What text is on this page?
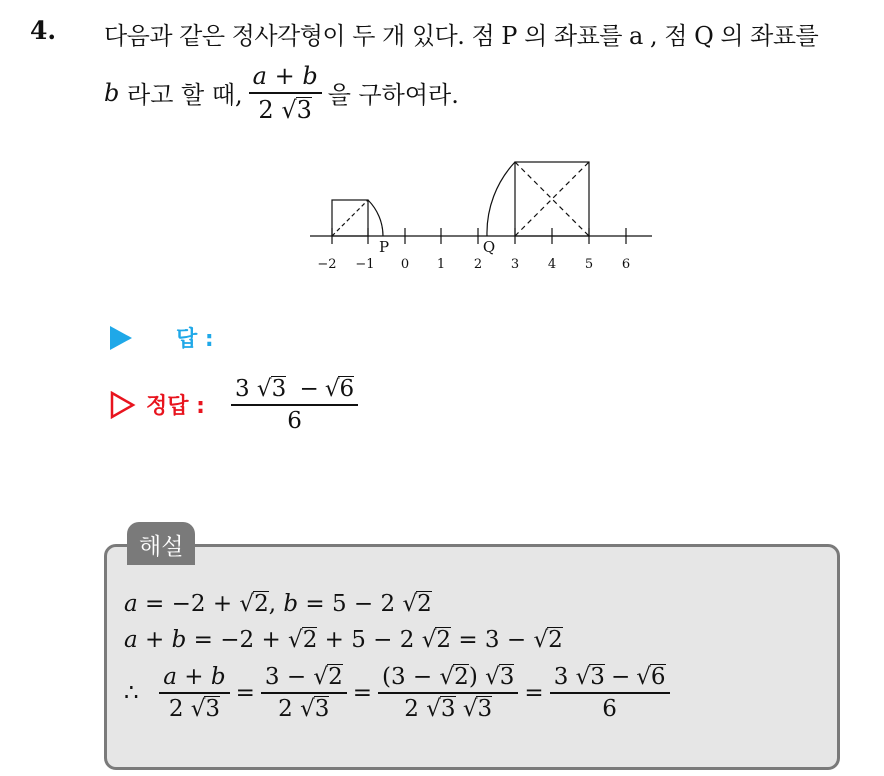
4. 다음과 같은 정사각형이 두 개 있다. 점 P 의 좌표를 a , 점 Q 의 좌표를
b
라고 할 때, $\frac{a + b}{2 √3}$ 을 구하여라.
−2 −1 0 1 2 3 4 5 6
P	Q
답 :
정답 : $\frac{3 √3 - √6}{6}$
해설
a
= −2 + √ 2 ,
b
= 5 − 2 √ 2
a + b
= −2 + √ 2
+ 5 − 2 √ 2
= 3 − √ 2
∴
$\frac{a + b}{2 √3} = \frac{3 - √2}{2 √3} = \frac{(3 - √2) √3}{2 √3 √3} = \frac{3 √3 - √6}{6}$
